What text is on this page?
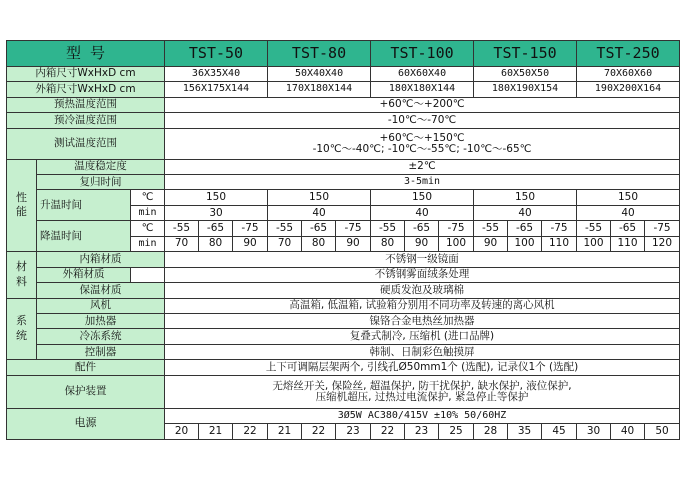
型 号			TST-50			TST-80			TST-100			TST-150			TST-250		
内箱尺寸WxHxD cm			36X35X40			50X40X40			60X60X40			60X50X50			70X60X60		
外箱尺寸WxHxD cm			156X175X144			170X180X144			180X180X144			180X190X154			190X200X164		
预热温度范围			+60℃～+200℃														
预冷温度范围			-10℃～-70℃														
测试温度范围			+60℃～+150℃
-10℃～-40℃; -10℃～-55℃; -10℃～-65℃														

性
能	温度稳定度		±2℃														
	复归时间		3-5min														
	升温时间	℃	150			150			150			150			150		
		min	30			40			40			40			40		
	降温时间	℃	-55	-65	-75	-55	-65	-75	-55	-65	-75	-55	-65	-75	-55	-65	-75
		min	70	80	90	70	80	90	80	90	100	90	100	110	100	110	120

材
料	内箱材质		不锈钢一级镜面														
	外箱材质		不锈钢雾面绒条处理														
	保温材质		硬质发泡及玻璃棉														

系
统	风机		高温箱, 低温箱, 试验箱分别用不同功率及转速的离心风机														
	加热器		镍铬合金电热丝加热器														
	冷冻系统		复叠式制冷, 压缩机 (进口品牌)														
	控制器		韩制、日制彩色触摸屏														
配件			上下可调隔层架两个, 引线孔Ø50mm1个 (选配), 记录仪1个 (选配)														
保护装置			无熔丝开关, 保险丝, 超温保护, 防干扰保护, 缺水保护, 液位保护,
压缩机超压, 过热过电流保护, 紧急停止等保护														

电源			3Ø5W AC380/415V ±10% 50/60HZ														
			20	21	22	21	22	23	22	23	25	28	35	45	30	40	50
